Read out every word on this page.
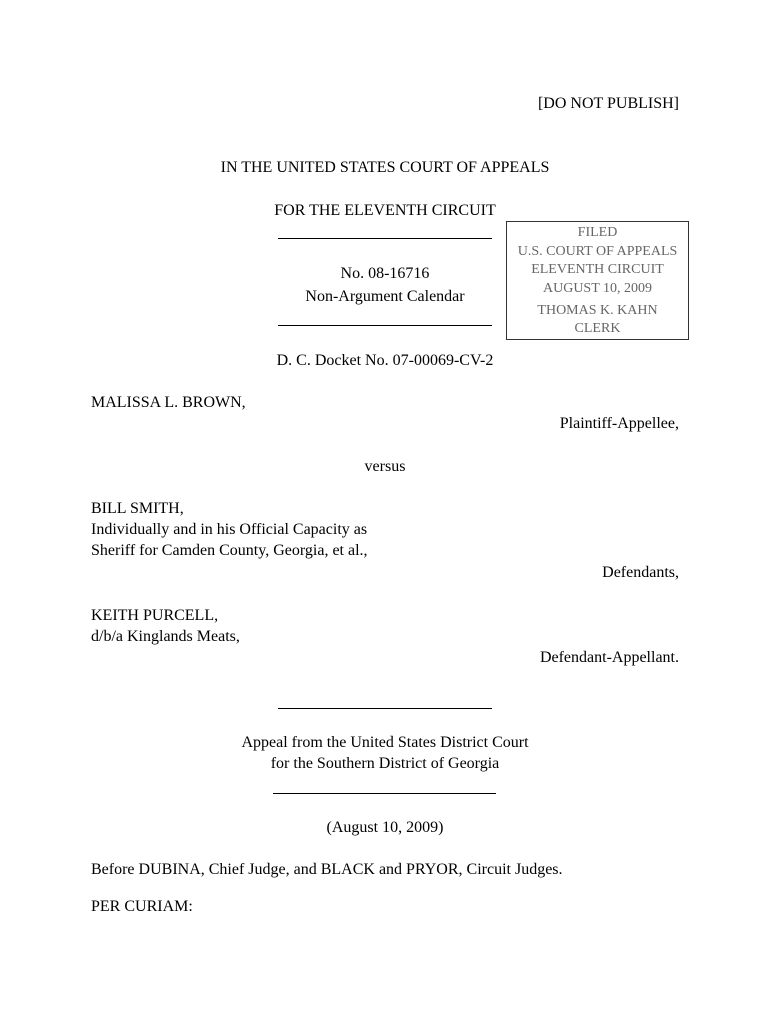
[DO NOT PUBLISH]
IN THE UNITED STATES COURT OF APPEALS
FOR THE ELEVENTH CIRCUIT
No. 08-16716
Non-Argument Calendar
FILED
U.S. COURT OF APPEALS
ELEVENTH CIRCUIT
AUGUST 10, 2009
THOMAS K. KAHN
CLERK
D. C. Docket No. 07-00069-CV-2
MALISSA L. BROWN,
Plaintiff-Appellee,
versus
BILL SMITH,
Individually and in his Official Capacity as
Sheriff for Camden County, Georgia, et al.,
Defendants,
KEITH PURCELL,
d/b/a Kinglands Meats,
Defendant-Appellant.
Appeal from the United States District Court
for the Southern District of Georgia
(August 10, 2009)
Before DUBINA, Chief Judge, and BLACK and PRYOR, Circuit Judges.
PER CURIAM:
